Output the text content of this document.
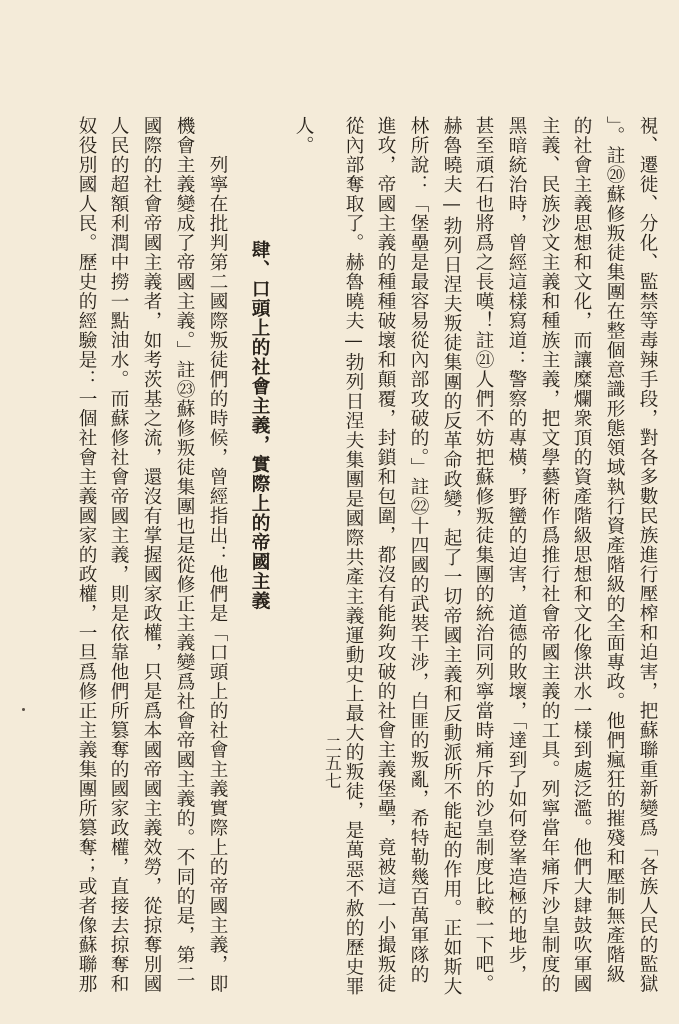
視、遷徙、分化、監禁等毒辣手段，對各多數民族進行壓榨和迫害，把蘇聯重新變爲「各族人民的監獄
」。註⑳蘇修叛徒集團在整個意識形態領域執行資產階級的全面專政。他們瘋狂的摧殘和壓制無產階級
的社會主義思想和文化，而讓糜爛衆頂的資產階級思想和文化像洪水一樣到處泛濫。他們大肆鼓吹軍國
主義、民族沙文主義和種族主義，把文學藝術作爲推行社會帝國主義的工具。列寧當年痛斥沙皇制度的
黑暗統治時，曾經這樣寫道：警察的專橫，野蠻的迫害，道德的敗壞，「達到了如何登峯造極的地步，
甚至頑石也將爲之長嘆！註㉑人們不妨把蘇修叛徒集團的統治同列寧當時痛斥的沙皇制度比較一下吧。
赫魯曉夫—勃列日涅夫叛徒集團的反革命政變，起了一切帝國主義和反動派所不能起的作用。正如斯大
林所說：「堡壘是最容易從內部攻破的。」註㉒十四國的武裝干涉，白匪的叛亂，希特勒幾百萬軍隊的
進攻，帝國主義的種種破壞和顛覆，封鎖和包圍，都沒有能夠攻破的社會主義堡壘，竟被這一小撮叛徒
從內部奪取了。赫魯曉夫—勃列日涅夫集團是國際共產主義運動史上最大的叛徒，是萬惡不赦的歷史罪
人。
肆、口頭上的社會主義，實際上的帝國主義
　　列寧在批判第二國際叛徒們的時候，曾經指出：他們是「口頭上的社會主義實際上的帝國主義，即
機會主義變成了帝國主義。」註㉓蘇修叛徒集團也是從修正主義變爲社會帝國主義的。不同的是，第二
國際的社會帝國主義者，如考茨基之流，還沒有掌握國家政權，只是爲本國帝國主義效勞，從掠奪別國
人民的超額利潤中撈一點油水。而蘇修社會帝國主義，則是依靠他們所篡奪的國家政權，直接去掠奪和
奴役別國人民。歷史的經驗是：一個社會主義國家的政權，一旦爲修正主義集團所篡奪；或者像蘇聯那	二五七
